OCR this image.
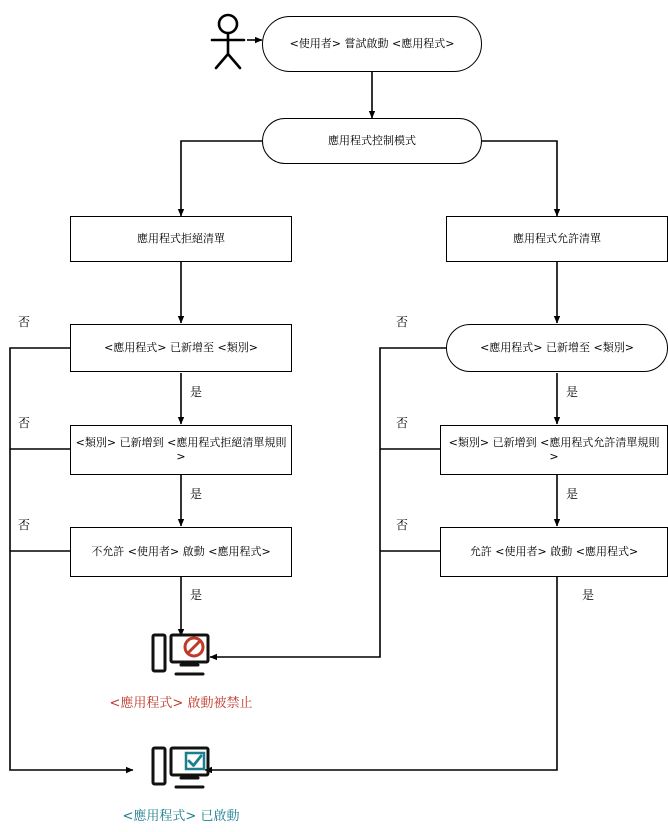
<使用者> 嘗試啟動 <應用程式>
應用程式控制模式
應用程式拒絕清單	應用程式允許清單
<應用程式> 已新增至 <類別>	<應用程式> 已新增至 <類別>
<類別> 已新增到 <應用程式拒絕清單規則>
<類別> 已新增到 <應用程式允許清單規則>
不允許 <使用者> 啟動 <應用程式>	允許 <使用者> 啟動 <應用程式>
否
否
否
是
是
是
否
否
否
是
是
是
<應用程式> 啟動被禁止
<應用程式> 已啟動
